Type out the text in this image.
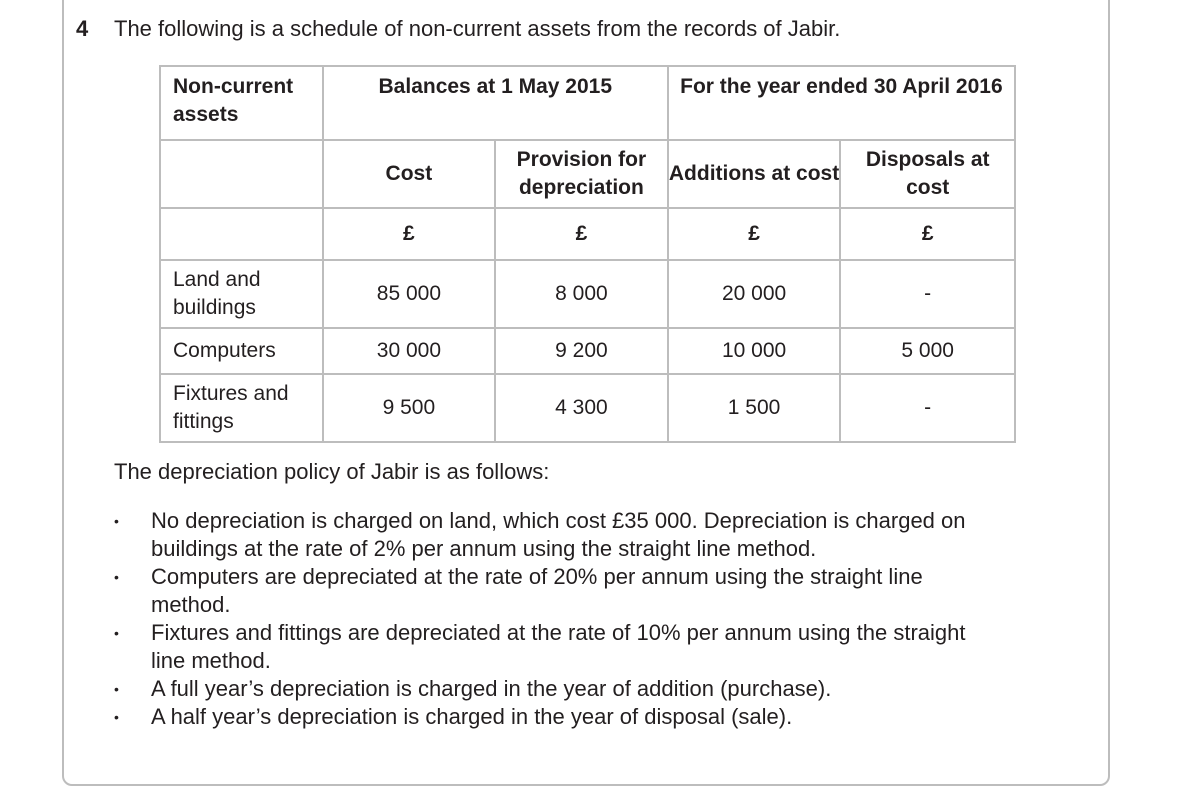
4 The following is a schedule of non-current assets from the records of Jabir.
Non-current assets	Balances at 1 May 2015		For the year ended 30 April 2016	
	Cost	Provision for depreciation	Additions at cost	Disposals at cost
	£	£	£	£
Land and buildings	85 000	8 000	20 000	-
Computers	30 000	9 200	10 000	5 000
Fixtures and fittings	9 500	4 300	1 500	-
The depreciation policy of Jabir is as follows:
• No depreciation is charged on land, which cost £35 000. Depreciation is charged on buildings at the rate of 2% per annum using the straight line method.
• Computers are depreciated at the rate of 20% per annum using the straight line method.
• Fixtures and fittings are depreciated at the rate of 10% per annum using the straight line method.
• A full year’s depreciation is charged in the year of addition (purchase).
• A half year’s depreciation is charged in the year of disposal (sale).
